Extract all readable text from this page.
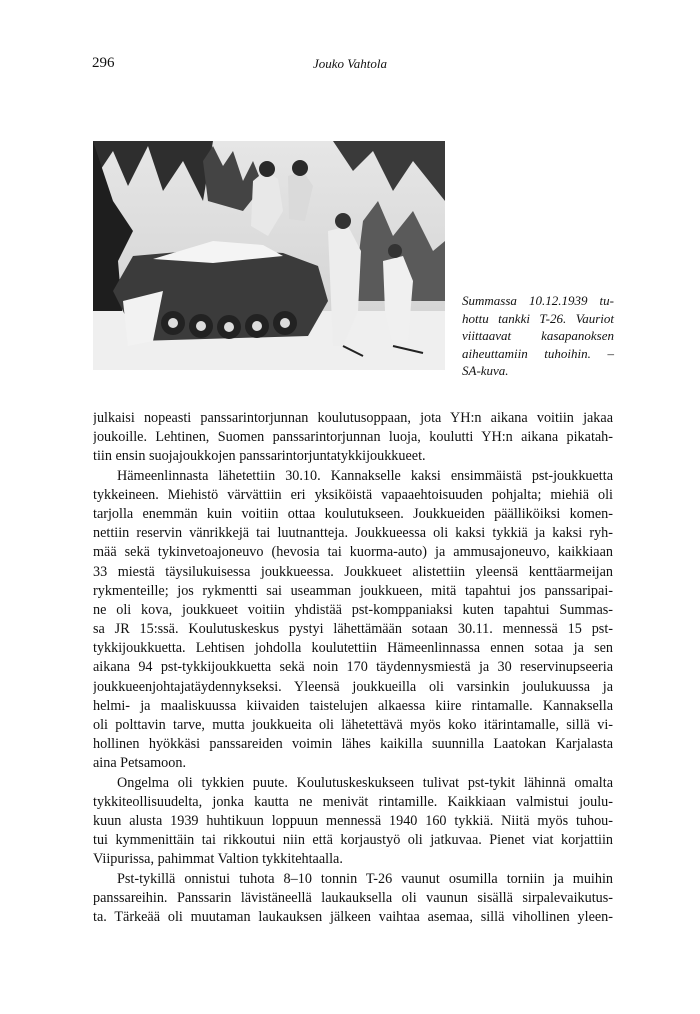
296	Jouko Vahtola
Summassa 10.12.1939 tu-
hottu tankki T-26. Vauriot
viittaavat kasapanoksen
aiheuttamiin tuhoihin. –
SA-kuva.
julkaisi nopeasti panssarintorjunnan koulutusoppaan, jota YH:n aikana voitiin jakaa
joukoille. Lehtinen, Suomen panssarintorjunnan luoja, koulutti YH:n aikana pikatah-
tiin ensin suojajoukkojen panssarintorjuntatykkijoukkueet.
Hämeenlinnasta lähetettiin 30.10. Kannakselle kaksi ensimmäistä pst-joukkuetta
tykkeineen. Miehistö värvättiin eri yksiköistä vapaaehtoisuuden pohjalta; miehiä oli
tarjolla enemmän kuin voitiin ottaa koulutukseen. Joukkueiden päälliköiksi komen-
nettiin reservin vänrikkejä tai luutnantteja. Joukkueessa oli kaksi tykkiä ja kaksi ryh-
mää sekä tykinvetoajoneuvo (hevosia tai kuorma-auto) ja ammusajoneuvo, kaikkiaan
33 miestä täysilukuisessa joukkueessa. Joukkueet alistettiin yleensä kenttäarmeijan
rykmenteille; jos rykmentti sai useamman joukkueen, mitä tapahtui jos panssaripai-
ne oli kova, joukkueet voitiin yhdistää pst-komppaniaksi kuten tapahtui Summas-
sa JR 15:ssä. Koulutuskeskus pystyi lähettämään sotaan 30.11. mennessä 15 pst-
tykkijoukkuetta. Lehtisen johdolla koulutettiin Hämeenlinnassa ennen sotaa ja sen
aikana 94 pst-tykkijoukkuetta sekä noin 170 täydennysmiestä ja 30 reservinupseeria
joukkueenjohtajatäydennykseksi. Yleensä joukkueilla oli varsinkin joulukuussa ja
helmi- ja maaliskuussa kiivaiden taistelujen alkaessa kiire rintamalle. Kannaksella
oli polttavin tarve, mutta joukkueita oli lähetettävä myös koko itärintamalle, sillä vi-
hollinen hyökkäsi panssareiden voimin lähes kaikilla suunnilla Laatokan Karjalasta
aina Petsamoon.
Ongelma oli tykkien puute. Koulutuskeskukseen tulivat pst-tykit lähinnä omalta
tykkiteollisuudelta, jonka kautta ne menivät rintamille. Kaikkiaan valmistui joulu-
kuun alusta 1939 huhtikuun loppuun mennessä 1940 160 tykkiä. Niitä myös tuhou-
tui kymmenittäin tai rikkoutui niin että korjaustyö oli jatkuvaa. Pienet viat korjattiin
Viipurissa, pahimmat Valtion tykkitehtaalla.
Pst-tykillä onnistui tuhota 8–10 tonnin T-26 vaunut osumilla torniin ja muihin
panssareihin. Panssarin lävistäneellä laukauksella oli vaunun sisällä sirpalevaikutus-
ta. Tärkeää oli muutaman laukauksen jälkeen vaihtaa asemaa, sillä vihollinen yleen-
